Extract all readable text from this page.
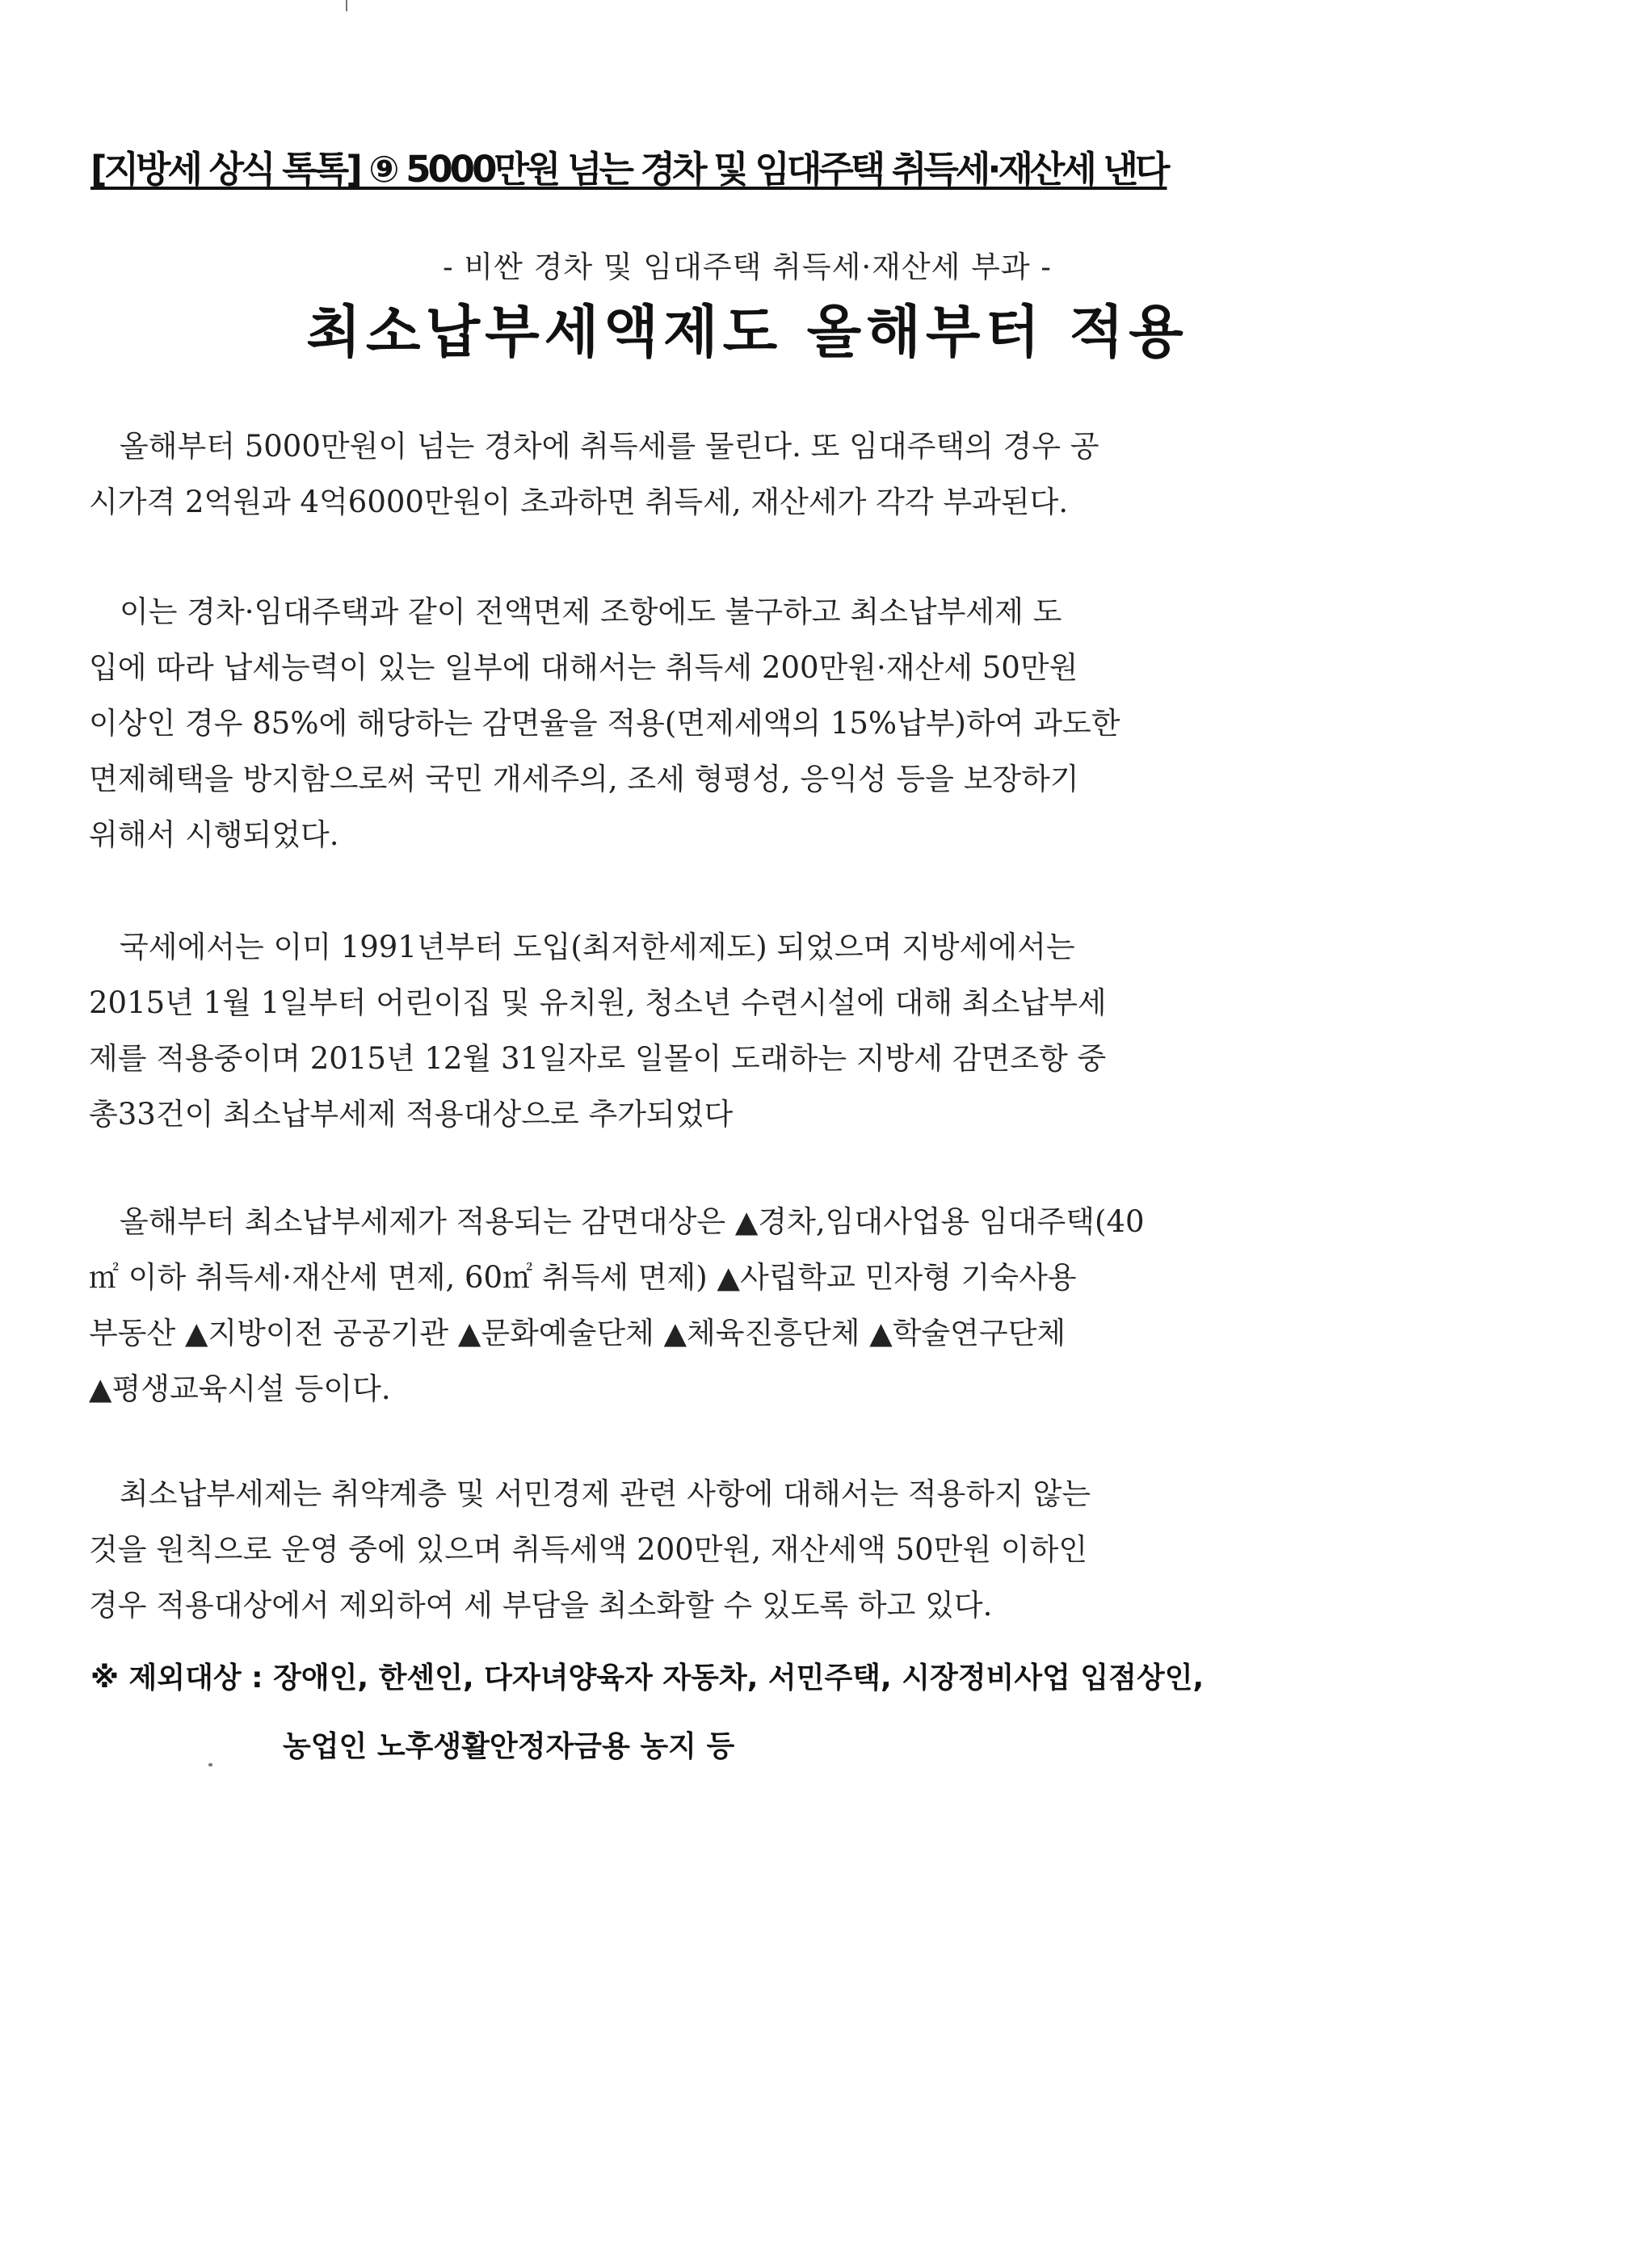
[지방세 상식 톡톡] ⑨ 5000만원 넘는 경차 및 임대주택 취득세·재산세 낸다
- 비싼 경차 및 임대주택 취득세·재산세 부과 -
최소납부세액제도 올해부터 적용
올해부터 5000만원이 넘는 경차에 취득세를 물린다. 또 임대주택의 경우 공
시가격 2억원과 4억6000만원이 초과하면 취득세, 재산세가 각각 부과된다.
이는 경차·임대주택과 같이 전액면제 조항에도 불구하고 최소납부세제 도
입에 따라 납세능력이 있는 일부에 대해서는 취득세 200만원·재산세 50만원
이상인 경우 85%에 해당하는 감면율을 적용(면제세액의 15%납부)하여 과도한
면제혜택을 방지함으로써 국민 개세주의, 조세 형평성, 응익성 등을 보장하기
위해서 시행되었다.
국세에서는 이미 1991년부터 도입(최저한세제도) 되었으며 지방세에서는
2015년 1월 1일부터 어린이집 및 유치원, 청소년 수련시설에 대해 최소납부세
제를 적용중이며 2015년 12월 31일자로 일몰이 도래하는 지방세 감면조항 중
총33건이 최소납부세제 적용대상으로 추가되었다
올해부터 최소납부세제가 적용되는 감면대상은 ▲경차,임대사업용 임대주택(40
㎡ 이하 취득세·재산세 면제, 60㎡ 취득세 면제) ▲사립학교 민자형 기숙사용
부동산 ▲지방이전 공공기관 ▲문화예술단체 ▲체육진흥단체 ▲학술연구단체
▲평생교육시설 등이다.
최소납부세제는 취약계층 및 서민경제 관련 사항에 대해서는 적용하지 않는
것을 원칙으로 운영 중에 있으며 취득세액 200만원, 재산세액 50만원 이하인
경우 적용대상에서 제외하여 세 부담을 최소화할 수 있도록 하고 있다.
※ 제외대상 : 장애인, 한센인, 다자녀양육자 자동차, 서민주택, 시장정비사업 입점상인,
농업인 노후생활안정자금용 농지 등
